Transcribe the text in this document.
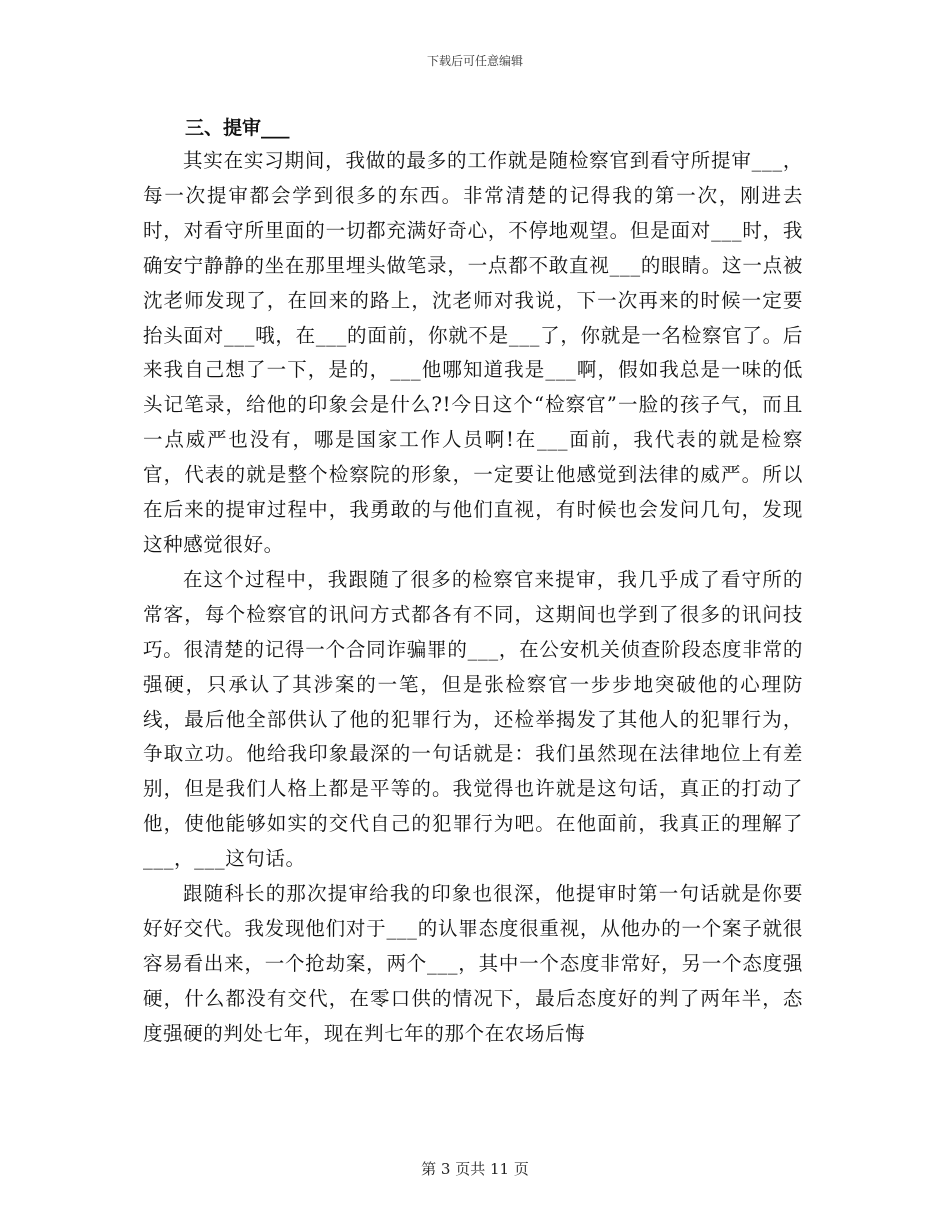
下载后可任意编辑
三、提审___

其实在实习期间，我做的最多的工作就是随检察官到看守所提审___，每一次提审都会学到很多的东西。非常清楚的记得我的第一次，刚进去时，对看守所里面的一切都充满好奇心，不停地观望。但是面对___时，我确安宁静静的坐在那里埋头做笔录，一点都不敢直视___的眼睛。这一点被沈老师发现了，在回来的路上，沈老师对我说，下一次再来的时候一定要抬头面对___哦，在___的面前，你就不是___了，你就是一名检察官了。后来我自己想了一下，是的，___他哪知道我是___啊，假如我总是一味的低头记笔录，给他的印象会是什么?!今日这个“检察官”一脸的孩子气，而且一点威严也没有，哪是国家工作人员啊!在___面前，我代表的就是检察官，代表的就是整个检察院的形象，一定要让他感觉到法律的威严。所以在后来的提审过程中，我勇敢的与他们直视，有时候也会发问几句，发现这种感觉很好。

在这个过程中，我跟随了很多的检察官来提审，我几乎成了看守所的常客，每个检察官的讯问方式都各有不同，这期间也学到了很多的讯问技巧。很清楚的记得一个合同诈骗罪的___，在公安机关侦查阶段态度非常的强硬，只承认了其涉案的一笔，但是张检察官一步步地突破他的心理防线，最后他全部供认了他的犯罪行为，还检举揭发了其他人的犯罪行为，争取立功。他给我印象最深的一句话就是：我们虽然现在法律地位上有差别，但是我们人格上都是平等的。我觉得也许就是这句话，真正的打动了他，使他能够如实的交代自己的犯罪行为吧。在他面前，我真正的理解了___，___这句话。

跟随科长的那次提审给我的印象也很深，他提审时第一句话就是你要好好交代。我发现他们对于___的认罪态度很重视，从他办的一个案子就很容易看出来，一个抢劫案，两个___，其中一个态度非常好，另一个态度强硬，什么都没有交代，在零口供的情况下，最后态度好的判了两年半，态度强硬的判处七年，现在判七年的那个在农场后悔

第 3 页共 11 页
